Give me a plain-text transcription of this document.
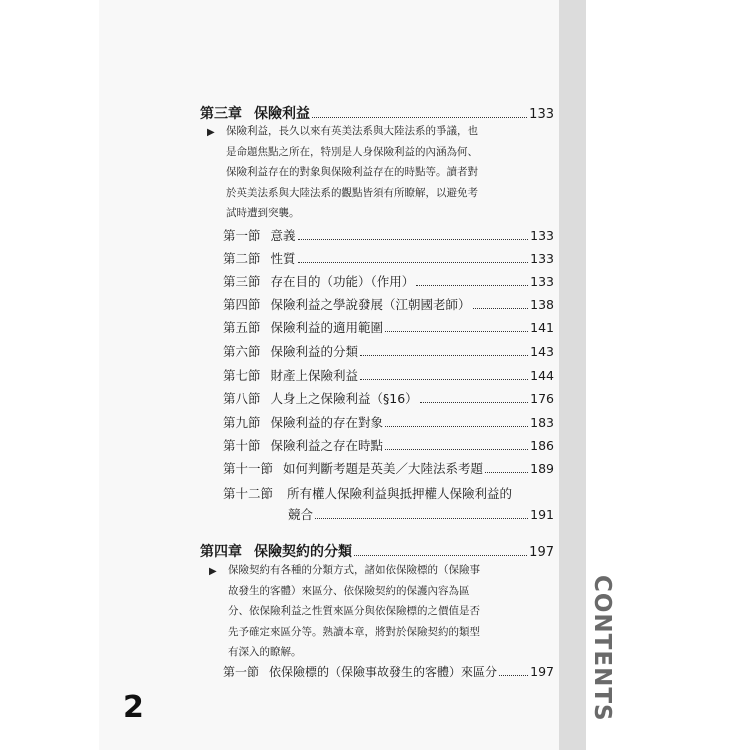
CONTENTS
2
第三章 保險利益	133
▶ 保險利益，長久以來有英美法系與大陸法系的爭議，也
是命題焦點之所在，特別是人身保險利益的內涵為何、
保險利益存在的對象與保險利益存在的時點等。讀者對
於英美法系與大陸法系的觀點皆須有所瞭解，以避免考
試時遭到突襲。
第一節 意義	133
第二節 性質	133
第三節 存在目的（功能）（作用）	133
第四節 保險利益之學說發展（江朝國老師）	138
第五節 保險利益的適用範圍	141
第六節 保險利益的分類	143
第七節 財產上保險利益	144
第八節 人身上之保險利益（§16）	176
第九節 保險利益的存在對象	183
第十節 保險利益之存在時點	186
第十一節 如何判斷考題是英美／大陸法系考題	189
第十二節 所有權人保險利益與抵押權人保險利益的
競合	191
第四章 保險契約的分類	197
▶ 保險契約有各種的分類方式，諸如依保險標的（保險事
故發生的客體）來區分、依保險契約的保護內容為區
分、依保險利益之性質來區分與依保險標的之價值是否
先予確定來區分等。熟讀本章，將對於保險契約的類型
有深入的瞭解。
第一節 依保險標的（保險事故發生的客體）來區分	197
